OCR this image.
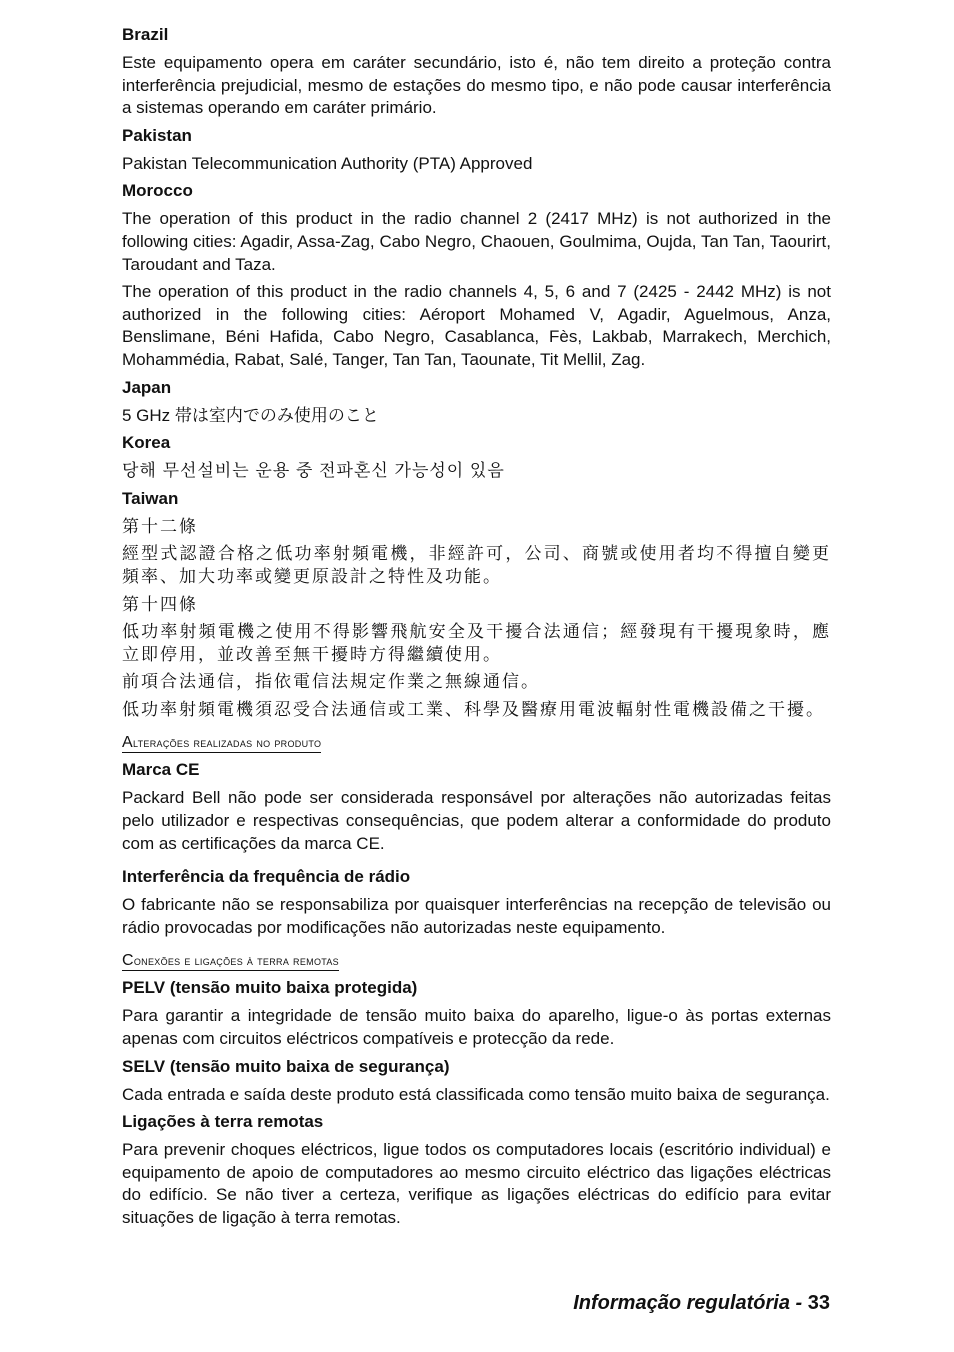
Brazil
Este equipamento opera em caráter secundário, isto é, não tem direito a proteção contra interferência prejudicial, mesmo de estações do mesmo tipo, e não pode causar interferência a sistemas operando em caráter primário.
Pakistan
Pakistan Telecommunication Authority (PTA) Approved
Morocco
The operation of this product in the radio channel 2 (2417 MHz) is not authorized in the following cities: Agadir, Assa-Zag, Cabo Negro, Chaouen, Goulmima, Oujda, Tan Tan, Taourirt, Taroudant and Taza.
The operation of this product in the radio channels 4, 5, 6 and 7 (2425 - 2442 MHz) is not authorized in the following cities: Aéroport Mohamed V, Agadir, Aguelmous, Anza, Benslimane, Béni Hafida, Cabo Negro, Casablanca, Fès, Lakbab, Marrakech, Merchich, Mohammédia, Rabat, Salé, Tanger, Tan Tan, Taounate, Tit Mellil, Zag.
Japan
5 GHz 帯は室内でのみ使用のこと
Korea
당해 무선설비는 운용 중 전파혼신 가능성이 있음
Taiwan
第十二條
經型式認證合格之低功率射頻電機，非經許可，公司、商號或使用者均不得擅自變更頻率、加大功率或變更原設計之特性及功能。
第十四條
低功率射頻電機之使用不得影響飛航安全及干擾合法通信；經發現有干擾現象時，應立即停用，並改善至無干擾時方得繼續使用。
前項合法通信，指依電信法規定作業之無線通信。
低功率射頻電機須忍受合法通信或工業、科學及醫療用電波輻射性電機設備之干擾。
Alterações realizadas no produto
Marca CE
Packard Bell não pode ser considerada responsável por alterações não autorizadas feitas pelo utilizador e respectivas consequências, que podem alterar a conformidade do produto com as certificações da marca CE.
Interferência da frequência de rádio
O fabricante não se responsabiliza por quaisquer interferências na recepção de televisão ou rádio provocadas por modificações não autorizadas neste equipamento.
Conexões e ligações à terra remotas
PELV (tensão muito baixa protegida)
Para garantir a integridade de tensão muito baixa do aparelho, ligue-o às portas externas apenas com circuitos eléctricos compatíveis e protecção da rede.
SELV (tensão muito baixa de segurança)
Cada entrada e saída deste produto está classificada como tensão muito baixa de segurança.
Ligações à terra remotas
Para prevenir choques eléctricos, ligue todos os computadores locais (escritório individual) e equipamento de apoio de computadores ao mesmo circuito eléctrico das ligações eléctricas do edifício. Se não tiver a certeza, verifique as ligações eléctricas do edifício para evitar situações de ligação à terra remotas.
Informação regulatória - 33
